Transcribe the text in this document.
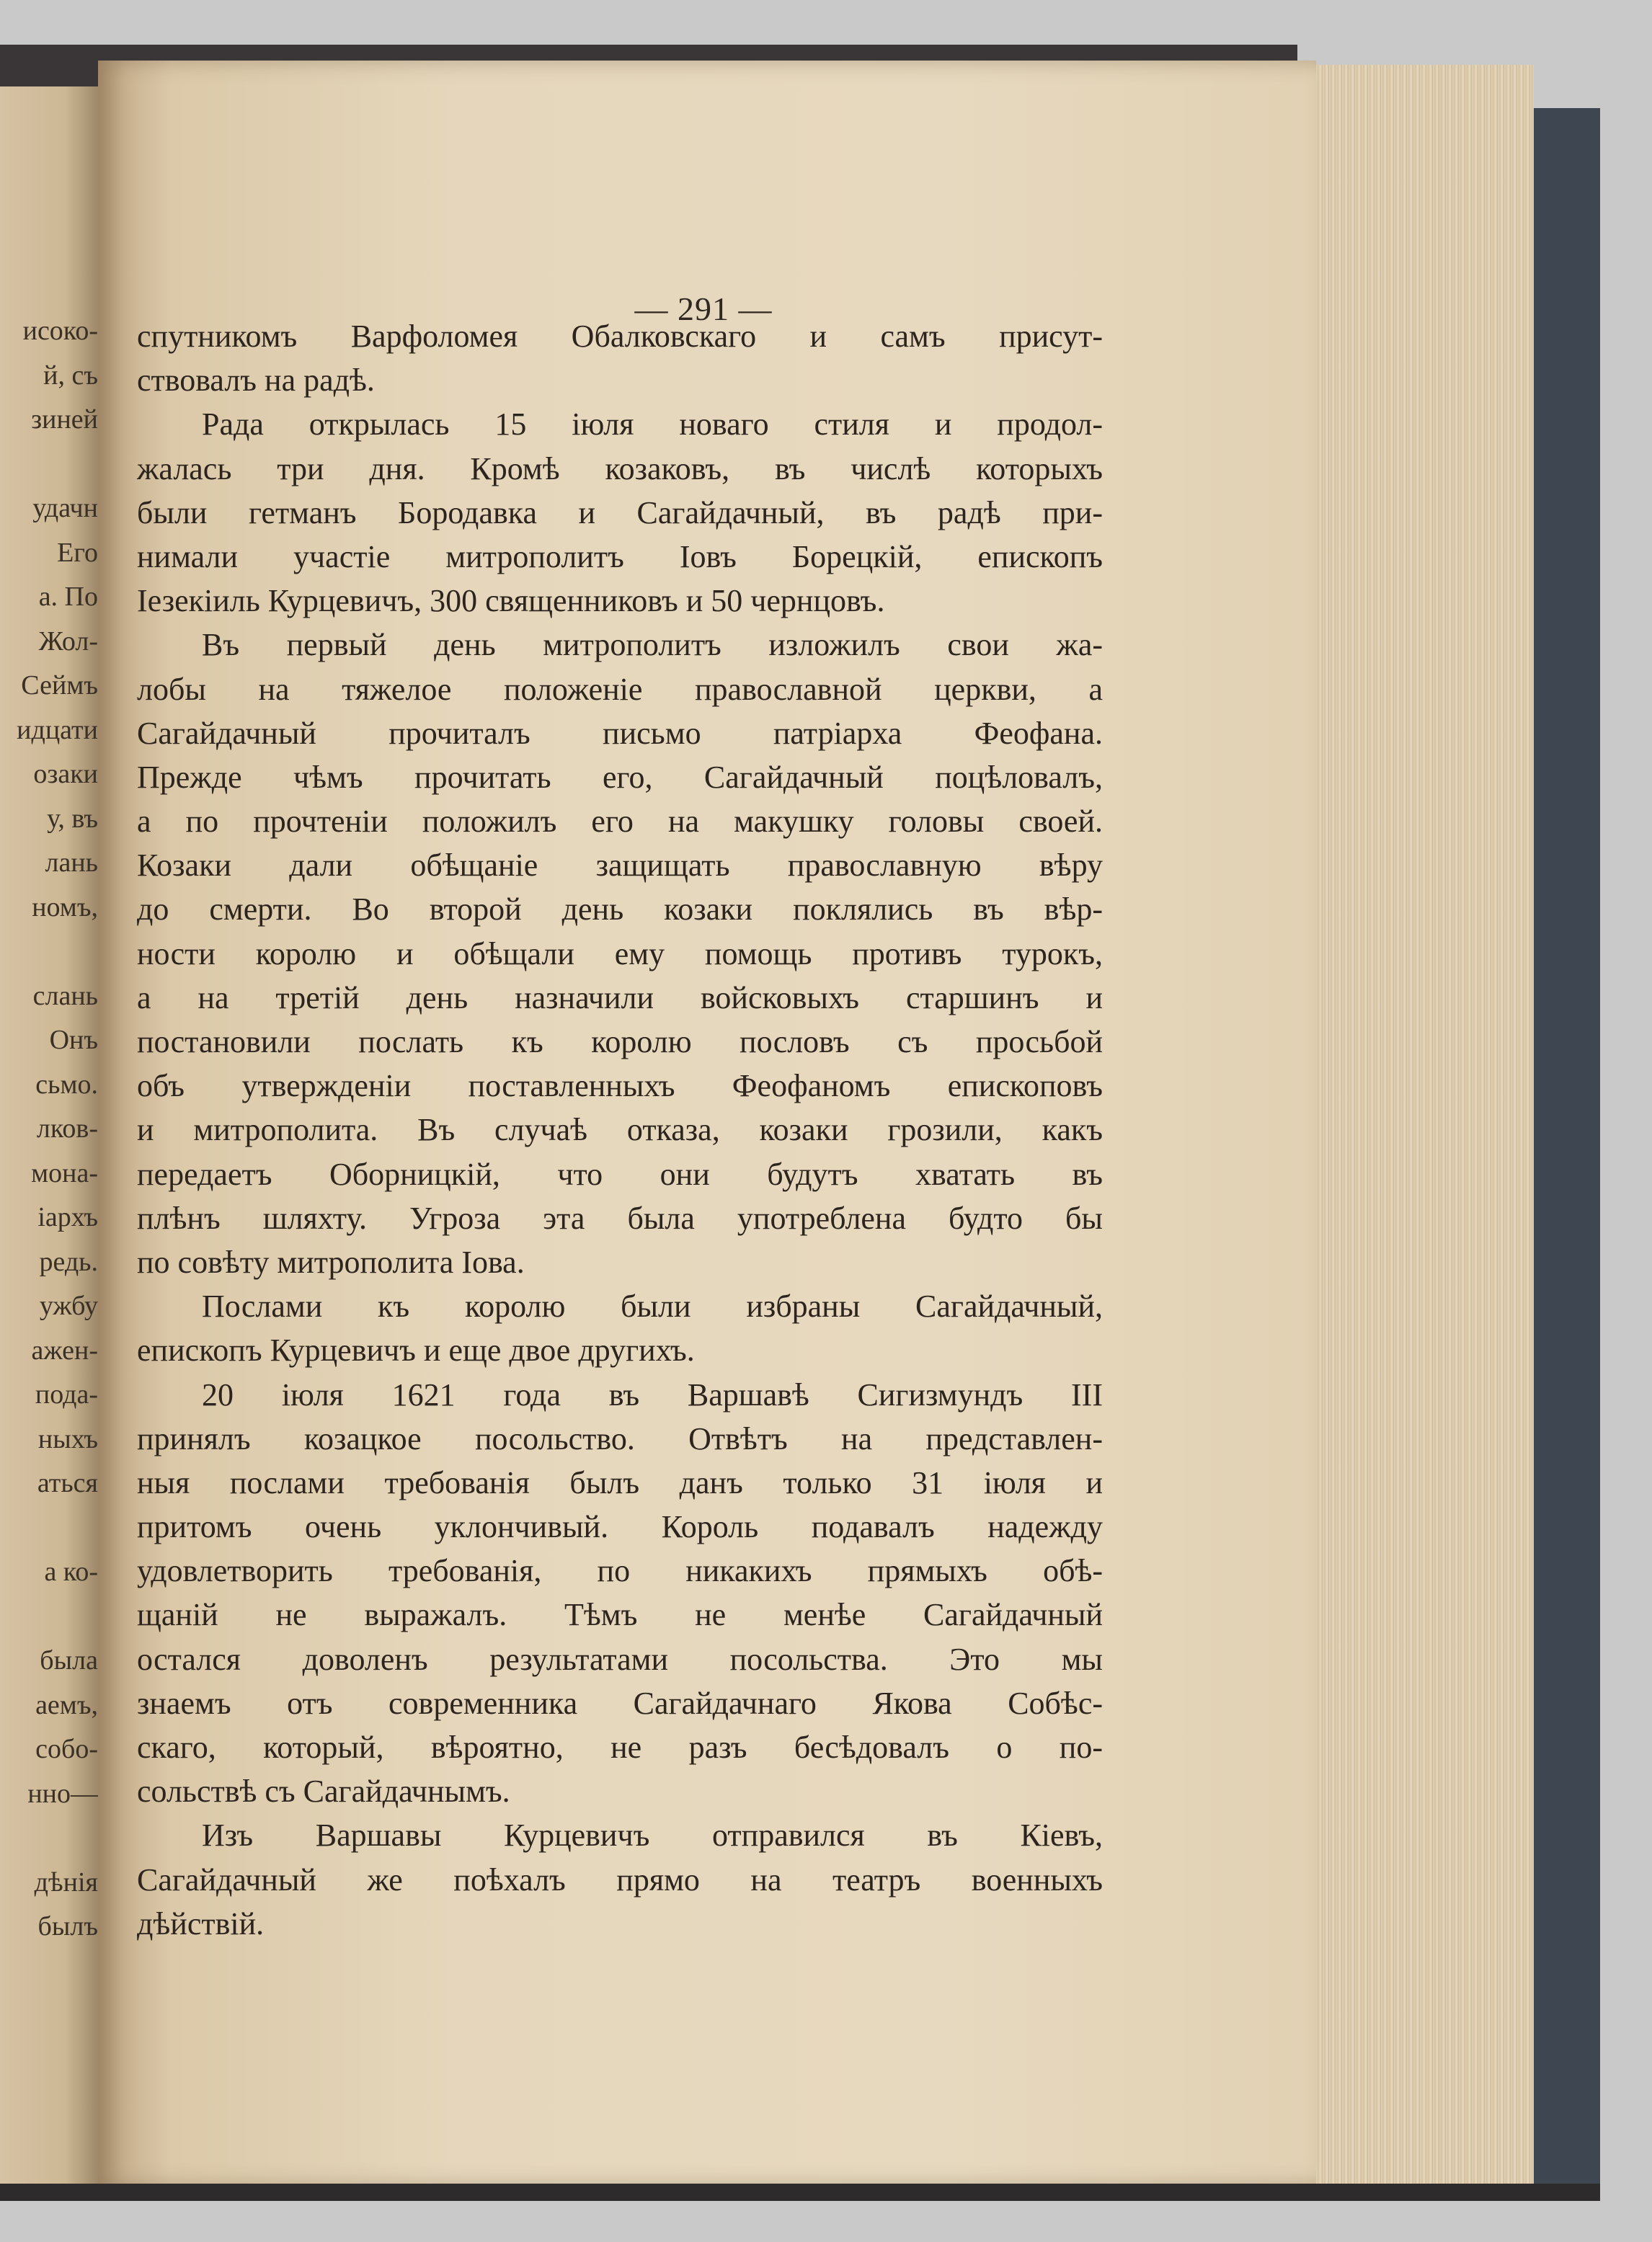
исоко-
й, съ
зиней
удачн
Его
а. По
Жол-
Сеймъ
идцати
озаки
у, въ
лань
номъ,
слань
Онъ
сьмо.
лков-
мона-
іархъ
редь.
ужбу
ажен-
пода-
ныхъ
аться
а ко-
была
аемъ,
собо-
нно—
дѣнія
былъ
— 291 —
спутникомъ Варфоломея Обалковскаго и самъ присут-
ствовалъ на радѣ.
Рада открылась 15 іюля новаго стиля и продол-
жалась три дня. Кромѣ козаковъ, въ числѣ которыхъ
были гетманъ Бородавка и Сагайдачный, въ радѣ при-
нимали участіе митрополитъ Іовъ Борецкій, епископъ
Іезекіиль Курцевичъ, 300 священниковъ и 50 чернцовъ.
Въ первый день митрополитъ изложилъ свои жа-
лобы на тяжелое положеніе православной церкви, а
Сагайдачный прочиталъ письмо патріарха Феофана.
Прежде чѣмъ прочитать его, Сагайдачный поцѣловалъ,
а по прочтеніи положилъ его на макушку головы своей.
Козаки дали обѣщаніе защищать православную вѣру
до смерти. Во второй день козаки поклялись въ вѣр-
ности королю и обѣщали ему помощь противъ турокъ,
а на третій день назначили войсковыхъ старшинъ и
постановили послать къ королю пословъ съ просьбой
объ утвержденіи поставленныхъ Феофаномъ епископовъ
и митрополита. Въ случаѣ отказа, козаки грозили, какъ
передаетъ Оборницкій, что они будутъ хватать въ
плѣнъ шляхту. Угроза эта была употреблена будто бы
по совѣту митрополита Іова.
Послами къ королю были избраны Сагайдачный,
епископъ Курцевичъ и еще двое другихъ.
20 іюля 1621 года въ Варшавѣ Сигизмундъ III
принялъ козацкое посольство. Отвѣтъ на представлен-
ныя послами требованія былъ данъ только 31 іюля и
притомъ очень уклончивый. Король подавалъ надежду
удовлетворить требованія, по никакихъ прямыхъ обѣ-
щаній не выражалъ. Тѣмъ не менѣе Сагайдачный
остался доволенъ результатами посольства. Это мы
знаемъ отъ современника Сагайдачнаго Якова Собѣс-
скаго, который, вѣроятно, не разъ бесѣдовалъ о по-
сольствѣ съ Сагайдачнымъ.
Изъ Варшавы Курцевичъ отправился въ Кіевъ,
Сагайдачный же поѣхалъ прямо на театръ военныхъ
дѣйствій.
